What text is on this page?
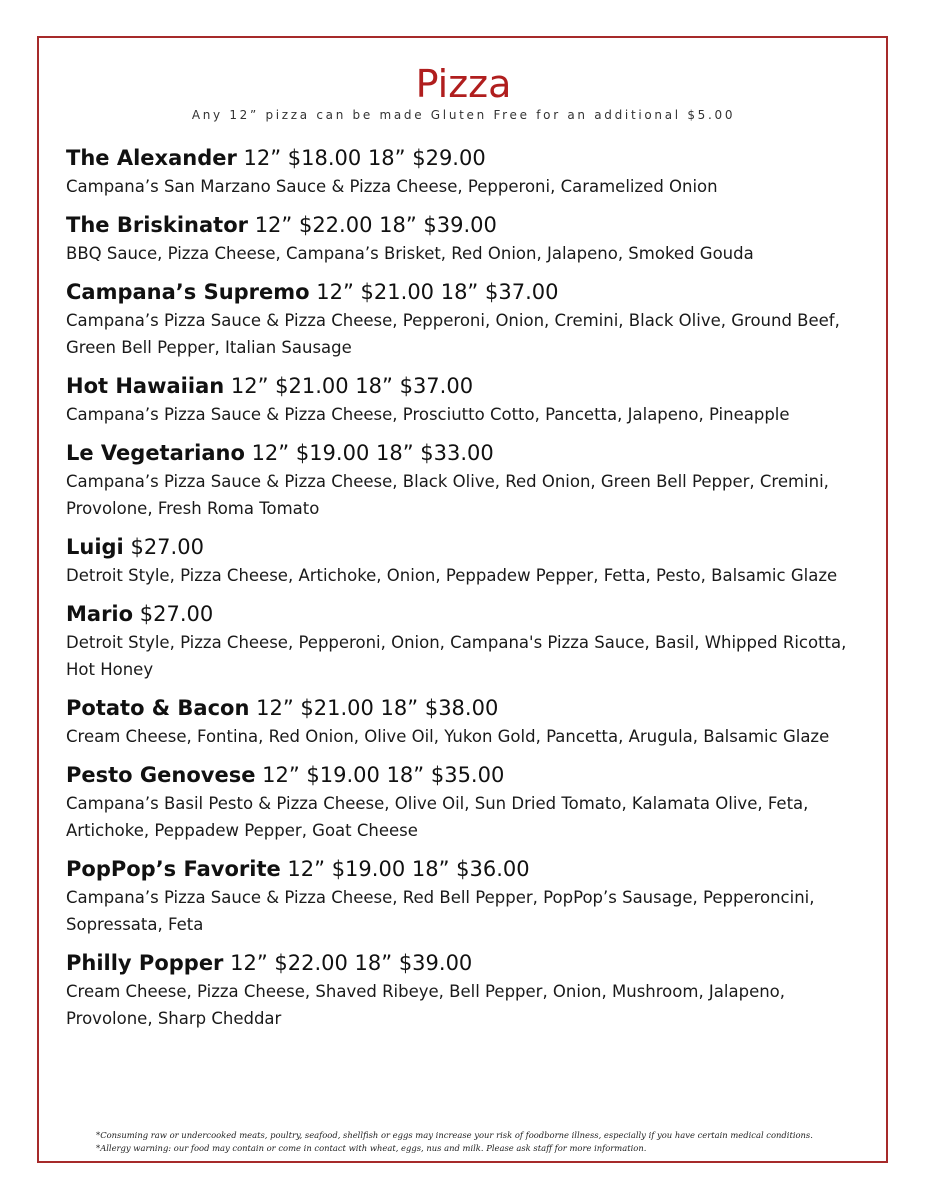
Pizza
Any 12” pizza can be made Gluten Free for an additional $5.00
The Alexander 12” $18.00 18” $29.00
Campana’s San Marzano Sauce & Pizza Cheese, Pepperoni, Caramelized Onion
The Briskinator 12” $22.00 18” $39.00
BBQ Sauce, Pizza Cheese, Campana’s Brisket, Red Onion, Jalapeno, Smoked Gouda
Campana’s Supremo 12” $21.00 18” $37.00
Campana’s Pizza Sauce & Pizza Cheese, Pepperoni, Onion, Cremini, Black Olive, Ground Beef, Green Bell Pepper, Italian Sausage
Hot Hawaiian 12” $21.00 18” $37.00
Campana’s Pizza Sauce & Pizza Cheese, Prosciutto Cotto, Pancetta, Jalapeno, Pineapple
Le Vegetariano 12” $19.00 18” $33.00
Campana’s Pizza Sauce & Pizza Cheese, Black Olive, Red Onion, Green Bell Pepper, Cremini, Provolone, Fresh Roma Tomato
Luigi $27.00
Detroit Style, Pizza Cheese, Artichoke, Onion, Peppadew Pepper, Fetta, Pesto, Balsamic Glaze
Mario $27.00
Detroit Style, Pizza Cheese, Pepperoni, Onion, Campana's Pizza Sauce, Basil, Whipped Ricotta, Hot Honey
Potato & Bacon 12” $21.00 18” $38.00
Cream Cheese, Fontina, Red Onion, Olive Oil, Yukon Gold, Pancetta, Arugula, Balsamic Glaze
Pesto Genovese 12” $19.00 18” $35.00
Campana’s Basil Pesto & Pizza Cheese, Olive Oil, Sun Dried Tomato, Kalamata Olive, Feta, Artichoke, Peppadew Pepper, Goat Cheese
PopPop’s Favorite 12” $19.00 18” $36.00
Campana’s Pizza Sauce & Pizza Cheese, Red Bell Pepper, PopPop’s Sausage, Pepperoncini, Sopressata, Feta
Philly Popper 12” $22.00 18” $39.00
Cream Cheese, Pizza Cheese, Shaved Ribeye, Bell Pepper, Onion, Mushroom, Jalapeno, Provolone, Sharp Cheddar
*Consuming raw or undercooked meats, poultry, seafood, shellfish or eggs may increase your risk of foodborne illness, especially if you have certain medical conditions.
*Allergy warning: our food may contain or come in contact with wheat, eggs, nus and milk. Please ask staff for more information.
